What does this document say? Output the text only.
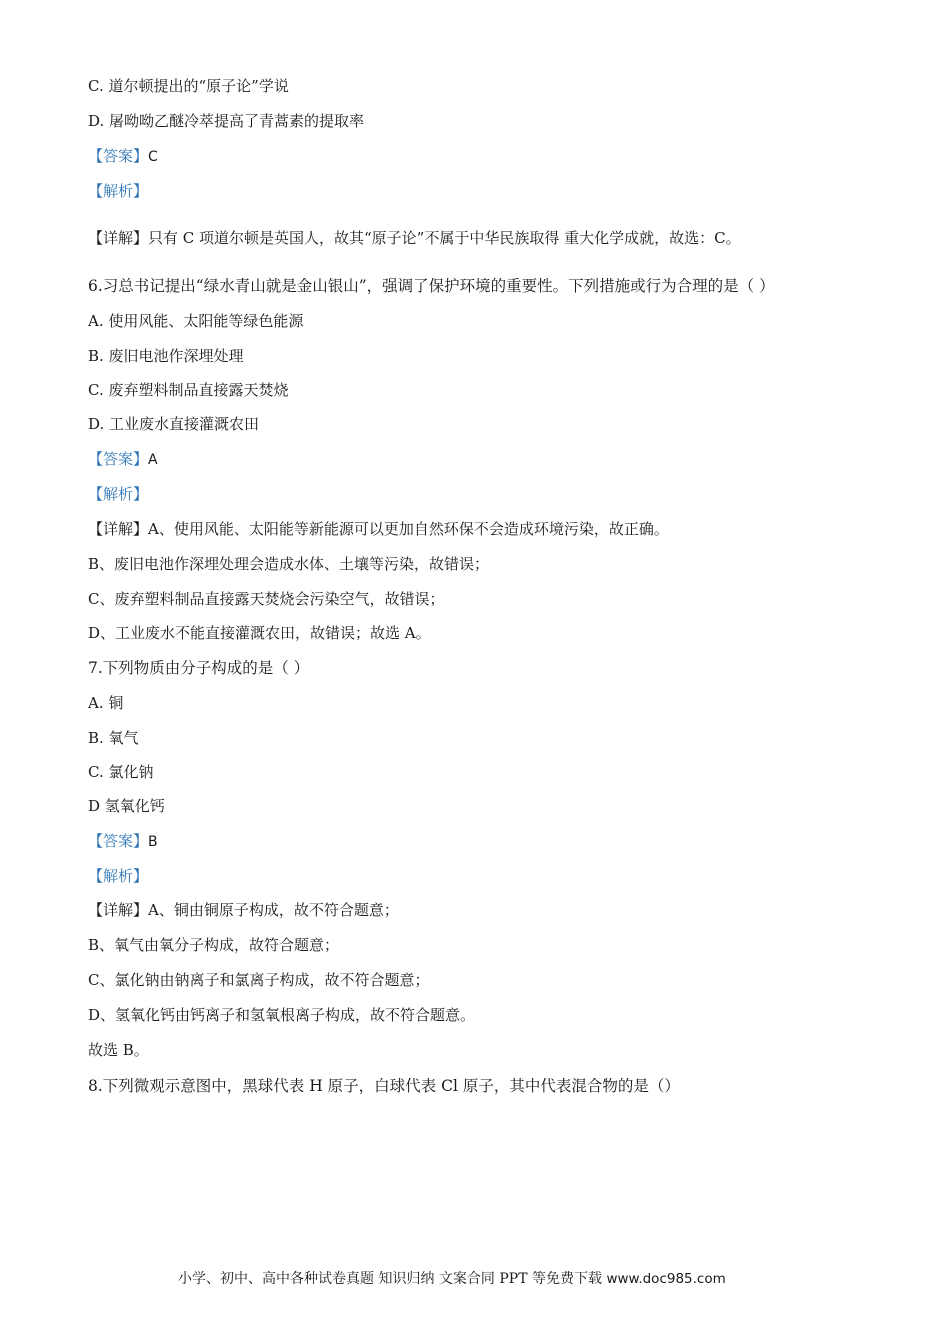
C. 道尔顿提出的“原子论”学说
D. 屠呦呦乙醚冷萃提高了青蒿素的提取率
【答案】C
【解析】
【详解】只有 C 项道尔顿是英国人，故其“原子论”不属于中华民族取得 重大化学成就，故选：C。
6.习总书记提出“绿水青山就是金山银山”，强调了保护环境的重要性。下列措施或行为合理的是（ ）
A. 使用风能、太阳能等绿色能源
B. 废旧电池作深埋处理
C. 废弃塑料制品直接露天焚烧
D. 工业废水直接灌溉农田
【答案】A
【解析】
【详解】A、使用风能、太阳能等新能源可以更加自然环保不会造成环境污染，故正确。
B、废旧电池作深埋处理会造成水体、土壤等污染，故错误；
C、废弃塑料制品直接露天焚烧会污染空气，故错误；
D、工业废水不能直接灌溉农田，故错误；故选 A。
7.下列物质由分子构成的是（ ）
A. 铜
B. 氧气
C. 氯化钠
D 氢氧化钙
【答案】B
【解析】
【详解】A、铜由铜原子构成，故不符合题意；
B、氧气由氧分子构成，故符合题意；
C、氯化钠由钠离子和氯离子构成，故不符合题意；
D、氢氧化钙由钙离子和氢氧根离子构成，故不符合题意。
故选 B。
8.下列微观示意图中，黑球代表 H 原子，白球代表 Cl 原子，其中代表混合物的是（）
小学、初中、高中各种试卷真题 知识归纳 文案合同 PPT 等免费下载 www.doc985.com
